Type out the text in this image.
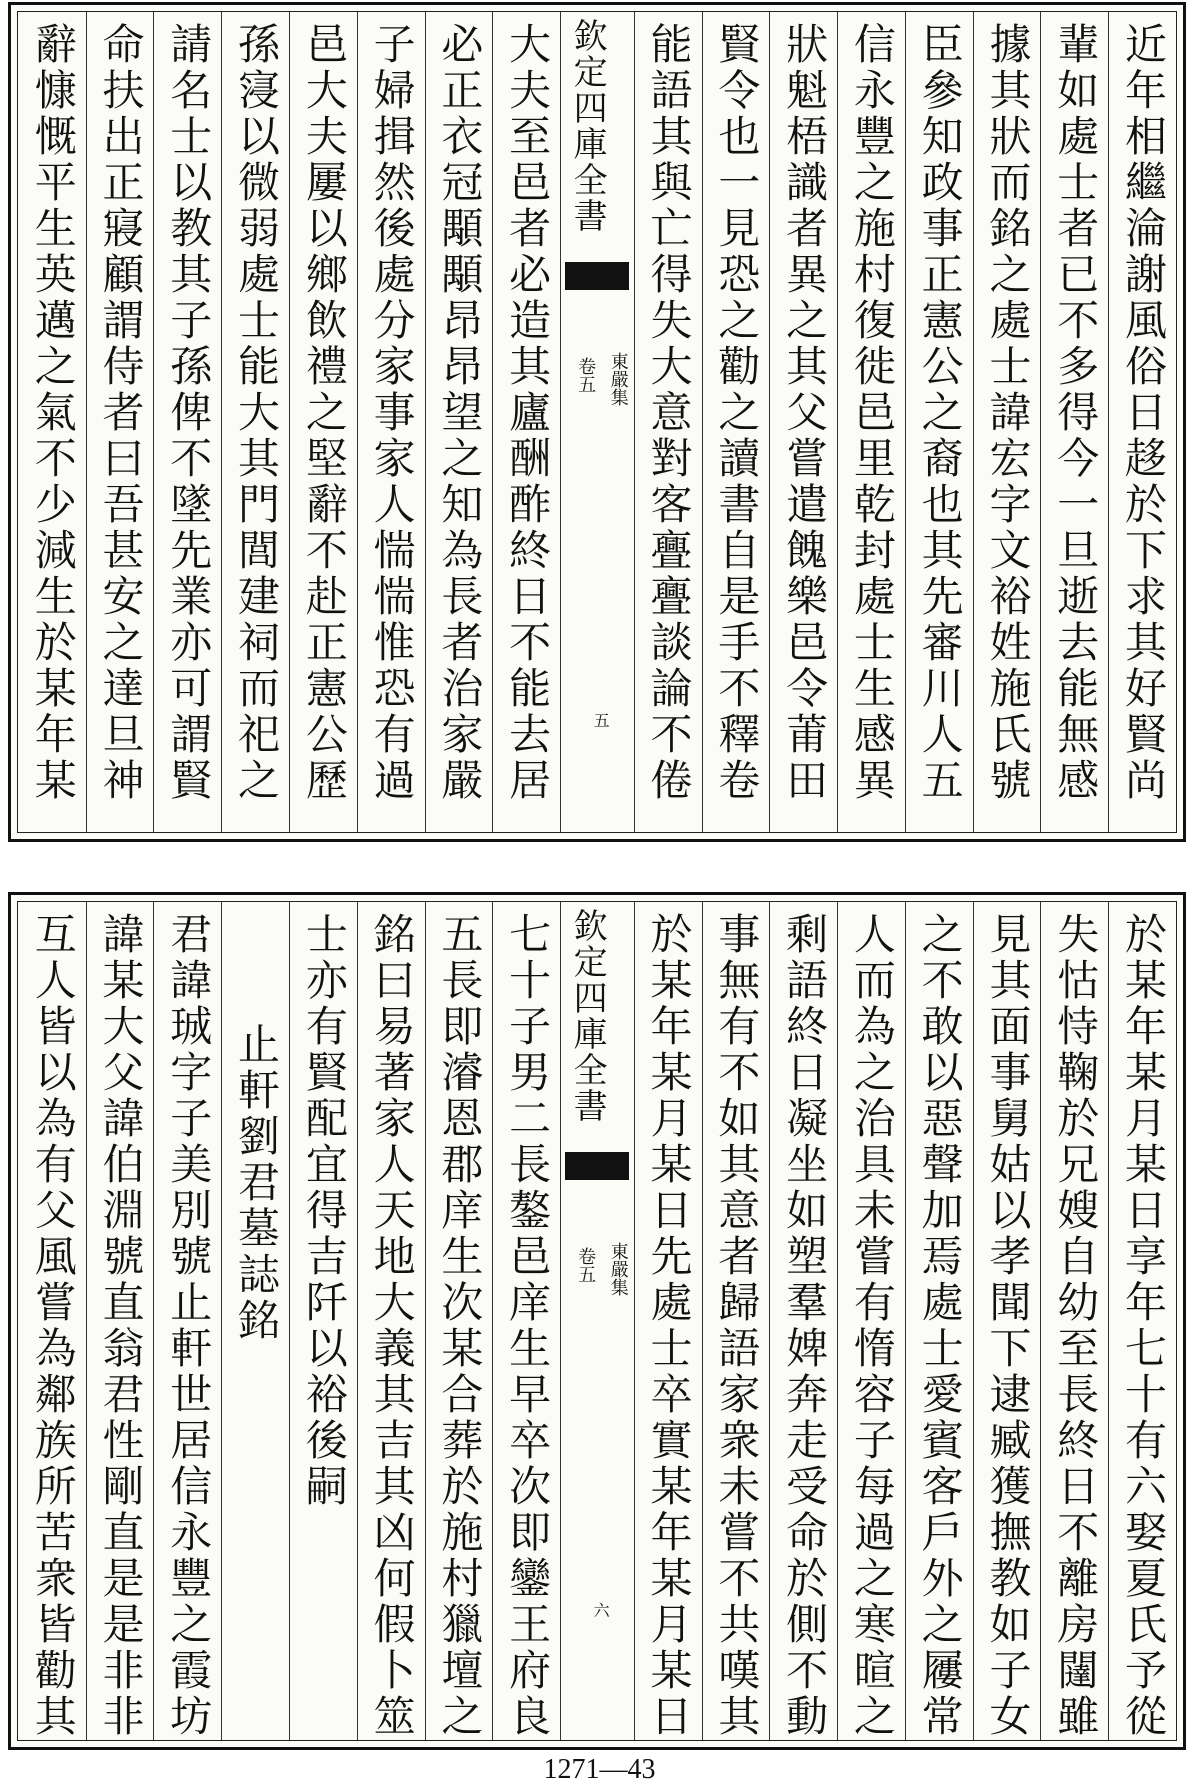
近年相繼淪謝風俗日趍於下求其好賢尚
輩如處士者已不多得今一旦逝去能無感
據其狀而銘之處士諱宏字文裕姓施氏號
臣參知政事正憲公之裔也其先審川人五
信永豐之施村復徙邑里乾封處士生感異
狀魁梧識者異之其父嘗遣餽樂邑令莆田
賢令也一見恐之勸之讀書自是手不釋卷
能語其與亡得失大意對客亹亹談論不倦
欽定四庫全書
東嚴集
卷五
五
大夫至邑者必造其廬酬酢終日不能去居
必正衣冠顒顒昂昂望之知為長者治家嚴
子婦揖然後處分家事家人惴惴惟恐有過
邑大夫屢以鄉飲禮之堅辭不赴正憲公歷
孫寖以微弱處士能大其門閭建祠而祀之
請名士以教其子孫俾不墜先業亦可謂賢
命扶出正寢顧謂侍者曰吾甚安之達旦神
辭慷慨平生英邁之氣不少減生於某年某
於某年某月某日享年七十有六娶夏氏予從
失怙恃鞠於兄嫂自幼至長終日不離房闥雖
見其面事舅姑以孝聞下逮臧獲撫教如子女
之不敢以惡聲加焉處士愛賓客戶外之屨常
人而為之治具未嘗有惰容子每過之寒暄之
剩語終日凝坐如塑羣婢奔走受命於側不動
事無有不如其意者歸語家衆未嘗不共嘆其
於某年某月某日先處士卒實某年某月某日
欽定四庫全書
東嚴集
卷五
六
七十子男二長鏊邑庠生早卒次即鑾王府良
五長即濬恩郡庠生次某合葬於施村獵壇之
銘曰易著家人天地大義其吉其凶何假卜筮
士亦有賢配宜得吉阡以裕後嗣
止軒劉君墓誌銘
君諱珹字子美別號止軒世居信永豐之霞坊
諱某大父諱伯淵號直翁君性剛直是是非非
互人皆以為有父風嘗為鄰族所苦衆皆勸其
1271—43
